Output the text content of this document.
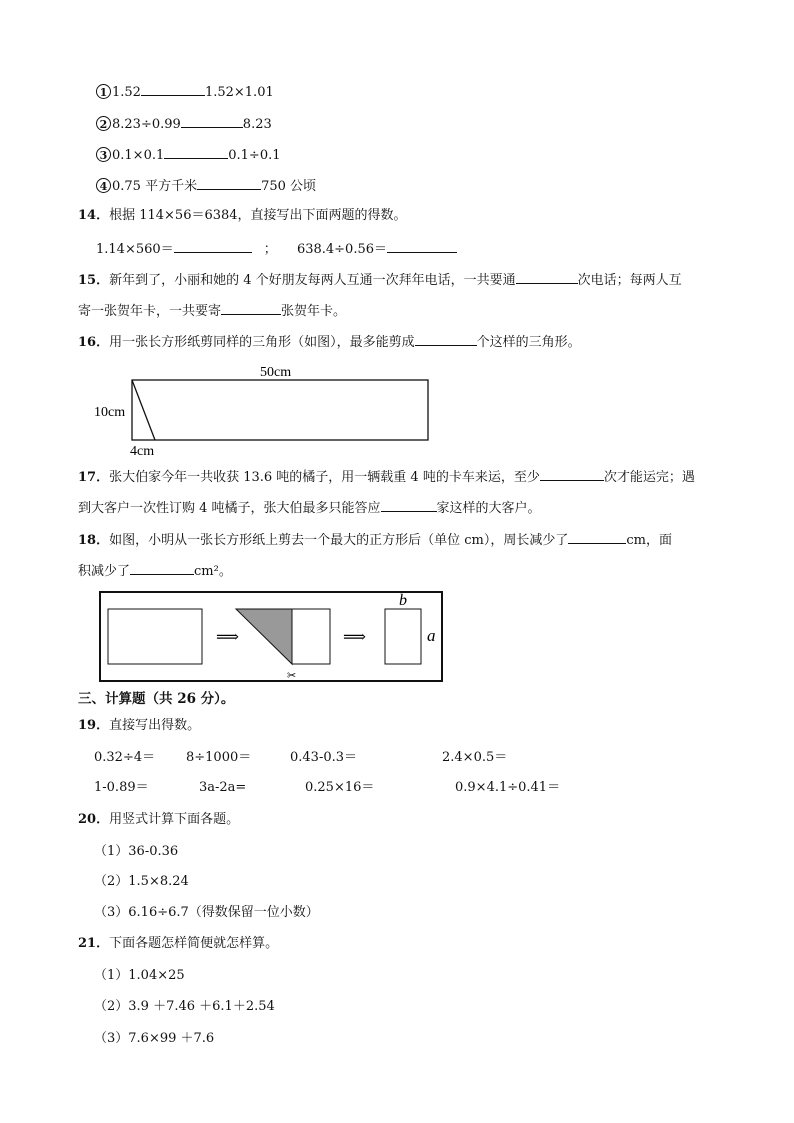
1 1.52	1.52×1.01
2 8.23÷0.99	8.23
3 0.1×0.1	0.1÷0.1
4 0.75 平方千米	750 公顷
14．根据 114×56＝6384，直接写出下面两题的得数。
1.14×560＝	； 638.4÷0.56＝
15．新年到了，小丽和她的 4 个好朋友每两人互通一次拜年电话，一共要通	次电话；每两人互
寄一张贺年卡，一共要寄	张贺年卡。
16．用一张长方形纸剪同样的三角形（如图），最多能剪成	个这样的三角形。
50cm
10cm
4cm
17．张大伯家今年一共收获 13.6 吨的橘子，用一辆载重 4 吨的卡车来运，至少	次才能运完；遇
到大客户一次性订购 4 吨橘子，张大伯最多只能答应	家这样的大客户。
18．如图，小明从一张长方形纸上剪去一个最大的正方形后（单位 cm），周长减少了	cm，面
积减少了	cm²。
⟹
✂
⟹
b
a
三、计算题（共 26 分）。
19．直接写出得数。
0.32÷4＝ 8÷1000＝	0.43-0.3＝	2.4×0.5＝
1-0.89＝	3a-2a=	0.25×16＝	0.9×4.1÷0.41＝
20．用竖式计算下面各题。
（1）36-0.36
（2）1.5×8.24
（3）6.16÷6.7（得数保留一位小数）
21．下面各题怎样简便就怎样算。
（1）1.04×25
（2）3.9 ＋7.46 ＋6.1＋2.54
（3）7.6×99 ＋7.6
